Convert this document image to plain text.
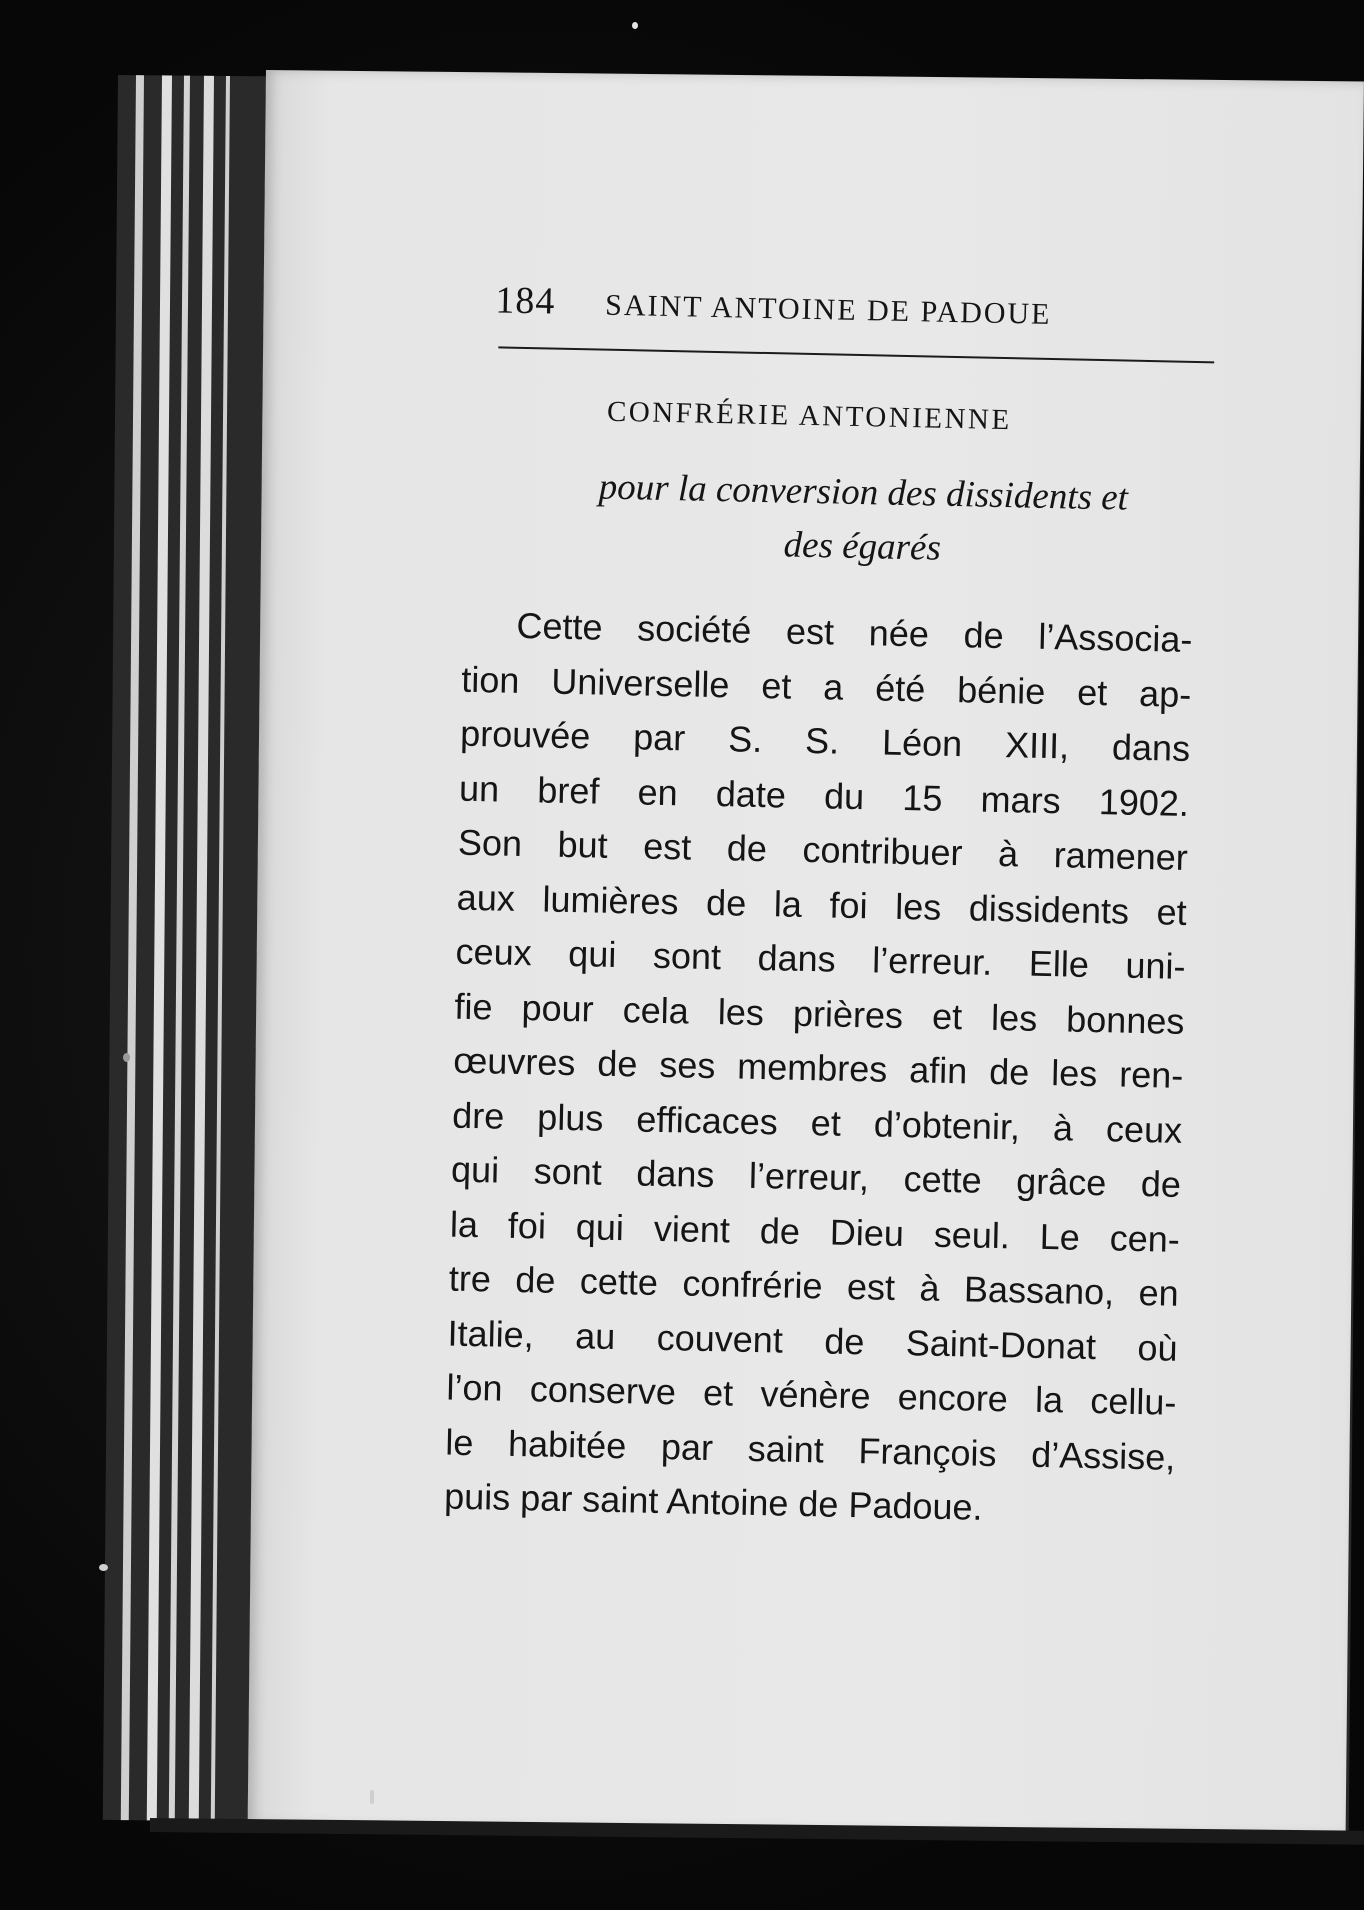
184 SAINT ANTOINE DE PADOUE
CONFRÉRIE ANTONIENNE
pour la conversion des dissidents et
des égarés
Cette société est née de l’Associa-
tion Universelle et a été bénie et ap-
prouvée par S. S. Léon XIII, dans
un bref en date du 15 mars 1902.
Son but est de contribuer à ramener
aux lumières de la foi les dissidents et
ceux qui sont dans l’erreur. Elle uni-
fie pour cela les prières et les bonnes
œuvres de ses membres afin de les ren-
dre plus efficaces et d’obtenir, à ceux
qui sont dans l’erreur, cette grâce de
la foi qui vient de Dieu seul. Le cen-
tre de cette confrérie est à Bassano, en
Italie, au couvent de Saint-Donat où
l’on conserve et vénère encore la cellu-
le habitée par saint François d’Assise,
puis par saint Antoine de Padoue.
